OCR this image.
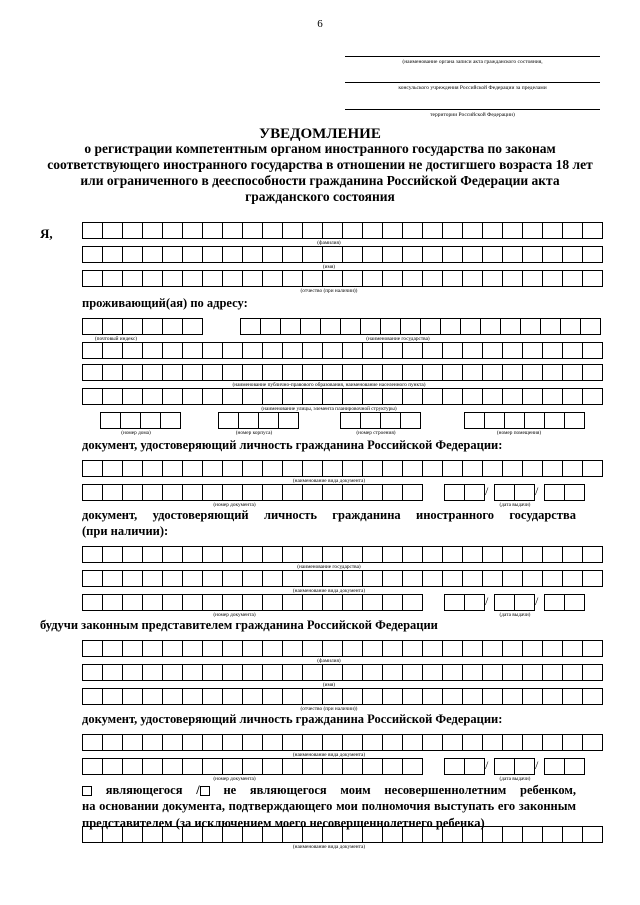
6
(наименование органа записи акта гражданского состояния,
консульского учреждения Российской Федерации за пределами
территории Российской Федерации)
УВЕДОМЛЕНИЕ
о регистрации компетентным органом иностранного государства по законам соответствующего иностранного государства в отношении не достигшего возраста 18 лет или ограниченного в дееспособности гражданина Российской Федерации акта гражданского состояния
Я,
(фамилия)
(имя)
(отчество (при наличии))
проживающий(ая) по адресу:
(почтовый индекс)	(наименование государства)
(наименование публично-правового образования, наименование населенного пункта)
(наименование улицы, элемента планировочной структуры)
(номер дома)	(номер корпуса)	(номер строения)	(номер помещения)
документ, удостоверяющий личность гражданина Российской Федерации:
(наименование вида документа)
(номер документа)
/	/
(дата выдачи)
документ, удостоверяющий личность гражданина иностранного государства
(при наличии):
(наименование государства)
(наименование вида документа)
(номер документа)
/	/
(дата выдачи)
будучи законным представителем гражданина Российской Федерации
(фамилия)
(имя)
(отчество (при наличии))
документ, удостоверяющий личность гражданина Российской Федерации:
(наименование вида документа)
(номер документа)
/	/
(дата выдачи)
являющегося / не являющегося моим несовершеннолетним ребенком,
на основании документа, подтверждающего мои полномочия выступать его законным представителем (за исключением моего несовершеннолетнего ребенка)
(наименование вида документа)
